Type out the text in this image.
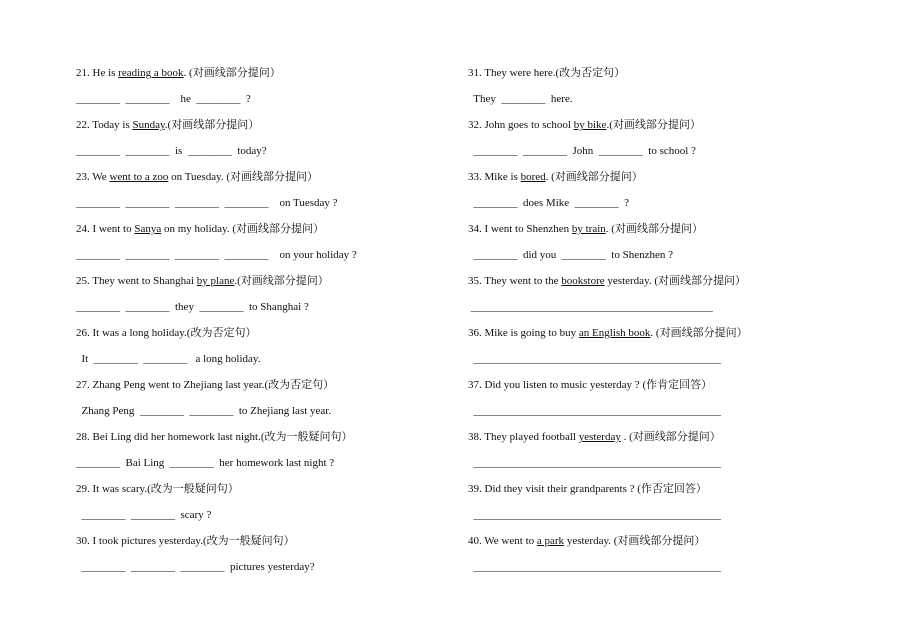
21. He is reading a book. (对画线部分提问）
________  ________    he  ________  ?
22. Today is Sunday.(对画线部分提问）
________  ________  is  ________  today?
23. We went to a zoo on Tuesday. (对画线部分提问）
________  ________  ________  ________    on Tuesday ?
24. I went to Sanya on my holiday. (对画线部分提问）
________  ________  ________  ________    on your holiday ?
25. They went to Shanghai by plane.(对画线部分提问）
________  ________  they  ________  to Shanghai ?
26. It was a long holiday.(改为否定句）
It  ________  ________   a long holiday.
27. Zhang Peng went to Zhejiang last year.(改为否定句）
Zhang Peng  ________  ________  to Zhejiang last year.
28. Bei Ling did her homework last night.(改为一般疑问句）
________  Bai Ling  ________  her homework last night ?
29. It was scary.(改为一般疑问句）
________  ________  scary ?
30. I took pictures yesterday.(改为一般疑问句）
________  ________  ________  pictures yesterday?
31. They were here.(改为否定句）
They  ________  here.
32. John goes to school by bike.(对画线部分提问）
________  ________  John  ________  to school ?
33. Mike is bored. (对画线部分提问）
________  does Mike  ________  ?
34. I went to Shenzhen by train. (对画线部分提问）
________  did you  ________  to Shenzhen ?
35. They went to the bookstore yesterday. (对画线部分提问）
____________________________________________
36. Mike is going to buy an English book. (对画线部分提问）
_____________________________________________
37. Did you listen to music yesterday ? (作肯定回答）
_____________________________________________
38. They played football yesterday . (对画线部分提问）
_____________________________________________
39. Did they visit their grandparents ? (作否定回答）
_____________________________________________
40. We went to a park yesterday. (对画线部分提问）
_____________________________________________
